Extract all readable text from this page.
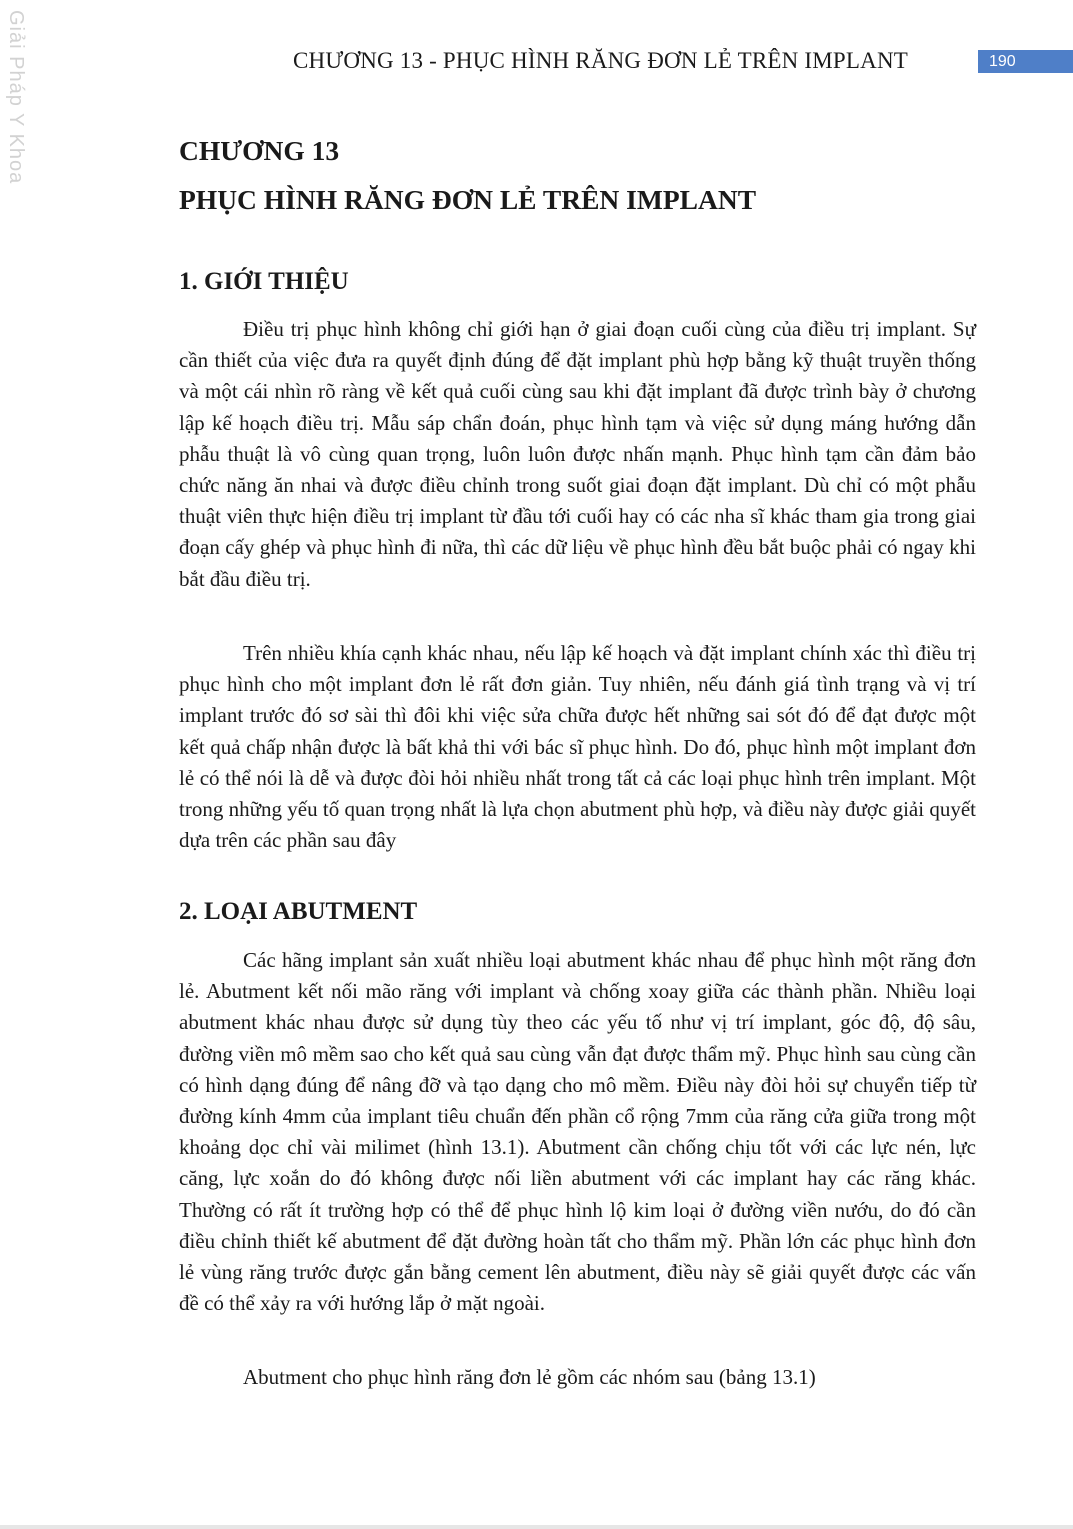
Giải Pháp Y Khoa	CHƯƠNG 13 - PHỤC HÌNH RĂNG ĐƠN LẺ TRÊN IMPLANT	190
CHƯƠNG 13
PHỤC HÌNH RĂNG ĐƠN LẺ TRÊN IMPLANT
1. GIỚI THIỆU

Điều trị phục hình không chỉ giới hạn ở giai đoạn cuối cùng của điều trị implant. Sự cần thiết của việc đưa ra quyết định đúng để đặt implant phù hợp bằng kỹ thuật truyền thống và một cái nhìn rõ ràng về kết quả cuối cùng sau khi đặt implant đã được trình bày ở chương lập kế hoạch điều trị. Mẫu sáp chẩn đoán, phục hình tạm và việc sử dụng máng hướng dẫn phẫu thuật là vô cùng quan trọng, luôn luôn được nhấn mạnh. Phục hình tạm cần đảm bảo chức năng ăn nhai và được điều chỉnh trong suốt giai đoạn đặt implant. Dù chỉ có một phẫu thuật viên thực hiện điều trị implant từ đầu tới cuối hay có các nha sĩ khác tham gia trong giai đoạn cấy ghép và phục hình đi nữa, thì các dữ liệu về phục hình đều bắt buộc phải có ngay khi bắt đầu điều trị.

Trên nhiều khía cạnh khác nhau, nếu lập kế hoạch và đặt implant chính xác thì điều trị phục hình cho một implant đơn lẻ rất đơn giản. Tuy nhiên, nếu đánh giá tình trạng và vị trí implant trước đó sơ sài thì đôi khi việc sửa chữa được hết những sai sót đó để đạt được một kết quả chấp nhận được là bất khả thi với bác sĩ phục hình. Do đó, phục hình một implant đơn lẻ có thể nói là dễ và được đòi hỏi nhiều nhất trong tất cả các loại phục hình trên implant. Một trong những yếu tố quan trọng nhất là lựa chọn abutment phù hợp, và điều này được giải quyết dựa trên các phần sau đây

2. LOẠI ABUTMENT

Các hãng implant sản xuất nhiều loại abutment khác nhau để phục hình một răng đơn lẻ. Abutment kết nối mão răng với implant và chống xoay giữa các thành phần. Nhiều loại abutment khác nhau được sử dụng tùy theo các yếu tố như vị trí implant, góc độ, độ sâu, đường viền mô mềm sao cho kết quả sau cùng vẫn đạt được thẩm mỹ. Phục hình sau cùng cần có hình dạng đúng để nâng đỡ và tạo dạng cho mô mềm. Điều này đòi hỏi sự chuyển tiếp từ đường kính 4mm của implant tiêu chuẩn đến phần cổ rộng 7mm của răng cửa giữa trong một khoảng dọc chỉ vài milimet (hình 13.1). Abutment cần chống chịu tốt với các lực nén, lực căng, lực xoắn do đó không được nối liền abutment với các implant hay các răng khác. Thường có rất ít trường hợp có thể để phục hình lộ kim loại ở đường viền nướu, do đó cần điều chỉnh thiết kế abutment để đặt đường hoàn tất cho thẩm mỹ. Phần lớn các phục hình đơn lẻ vùng răng trước được gắn bằng cement lên abutment, điều này sẽ giải quyết được các vấn đề có thể xảy ra với hướng lắp ở mặt ngoài.

Abutment cho phục hình răng đơn lẻ gồm các nhóm sau (bảng 13.1)
